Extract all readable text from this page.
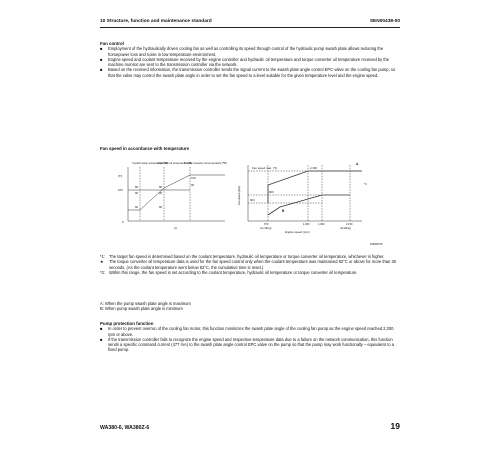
10 Structure, function and maintenance standard	SEN00438-00
Fan control
■ Employment of the hydraulically driven cooling fan as well as controlling its speed through control of the hydraulic pump swash plate allows reducing the horsepower loss and noise in low temperature environment.
■ Engine speed and coolant temperature received by the engine controller and hydraulic oil temperature and torque converter oil temperature received by the machine monitor are sent to the transmission controller via the network.
■ Based on the received information, the transmission controller sends the signal current to the swash plate angle control EPC valve on the cooling fan pump, so that the valve may control the swash plate angle in order to set the fan speed to a level suitable for the given temperature level and the engine speed.
Fan speed in accordance with temperature
Coolant water temperature (℃)
Hydraulic oil temperature (℃)
Torque converter oil temperature (℃)
(Tf)
100
0
80
90
100
85	90
60
95
80
(t)
Fan speed (rpm)
Fan speed max. (*1)	2,300
900
600
670	1,000	1,300	2,150
(Lo idling)	(Hi idling)
Engine speed (rpm)
A
B
*2
9JB00375
*1: The target fan speed is determined based on the coolant temperature, hydraulic oil temperature or torque converter oil temperature, whichever is higher.
★ The torque converter oil temperature data is used for the fan speed control only when the coolant temperature was maintained 82°C or above for more than 30 seconds. (As the coolant temperature went below 82°C, the cumulative time is reset.)
*2: Within this range, the fan speed is set according to the coolant temperature, hydraulic oil temperature or torque converter oil temperature.
A: When the pump swash plate angle is maximum
B: When pump swash plate angle is minimum
Pump protection function
■ In order to prevent overrun of the cooling fan motor, this function minimizes the swash plate angle of the cooling fan pump as the engine speed reached 2,300 rpm or above.
■ If the transmission controller fails to recognize the engine speed and respective temperature data due to a failure on the network communication, this function sends a specific command current (477 mA) to the swash plate angle control EPC valve on the pump so that the pump may work functionally – equivalent to a fixed pump.
WA380-6, WA380Z-6	19
